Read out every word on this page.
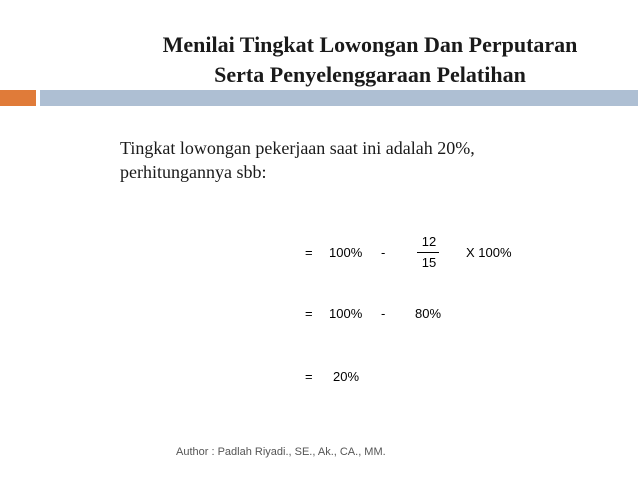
Menilai Tingkat Lowongan Dan Perputaran
Serta Penyelenggaraan Pelatihan
Tingkat lowongan pekerjaan saat ini adalah 20%,
perhitungannya sbb:
= 100% -
12
15
X 100%
= 100% - 80%
= 20%
Author : Padlah Riyadi., SE., Ak., CA., MM.
